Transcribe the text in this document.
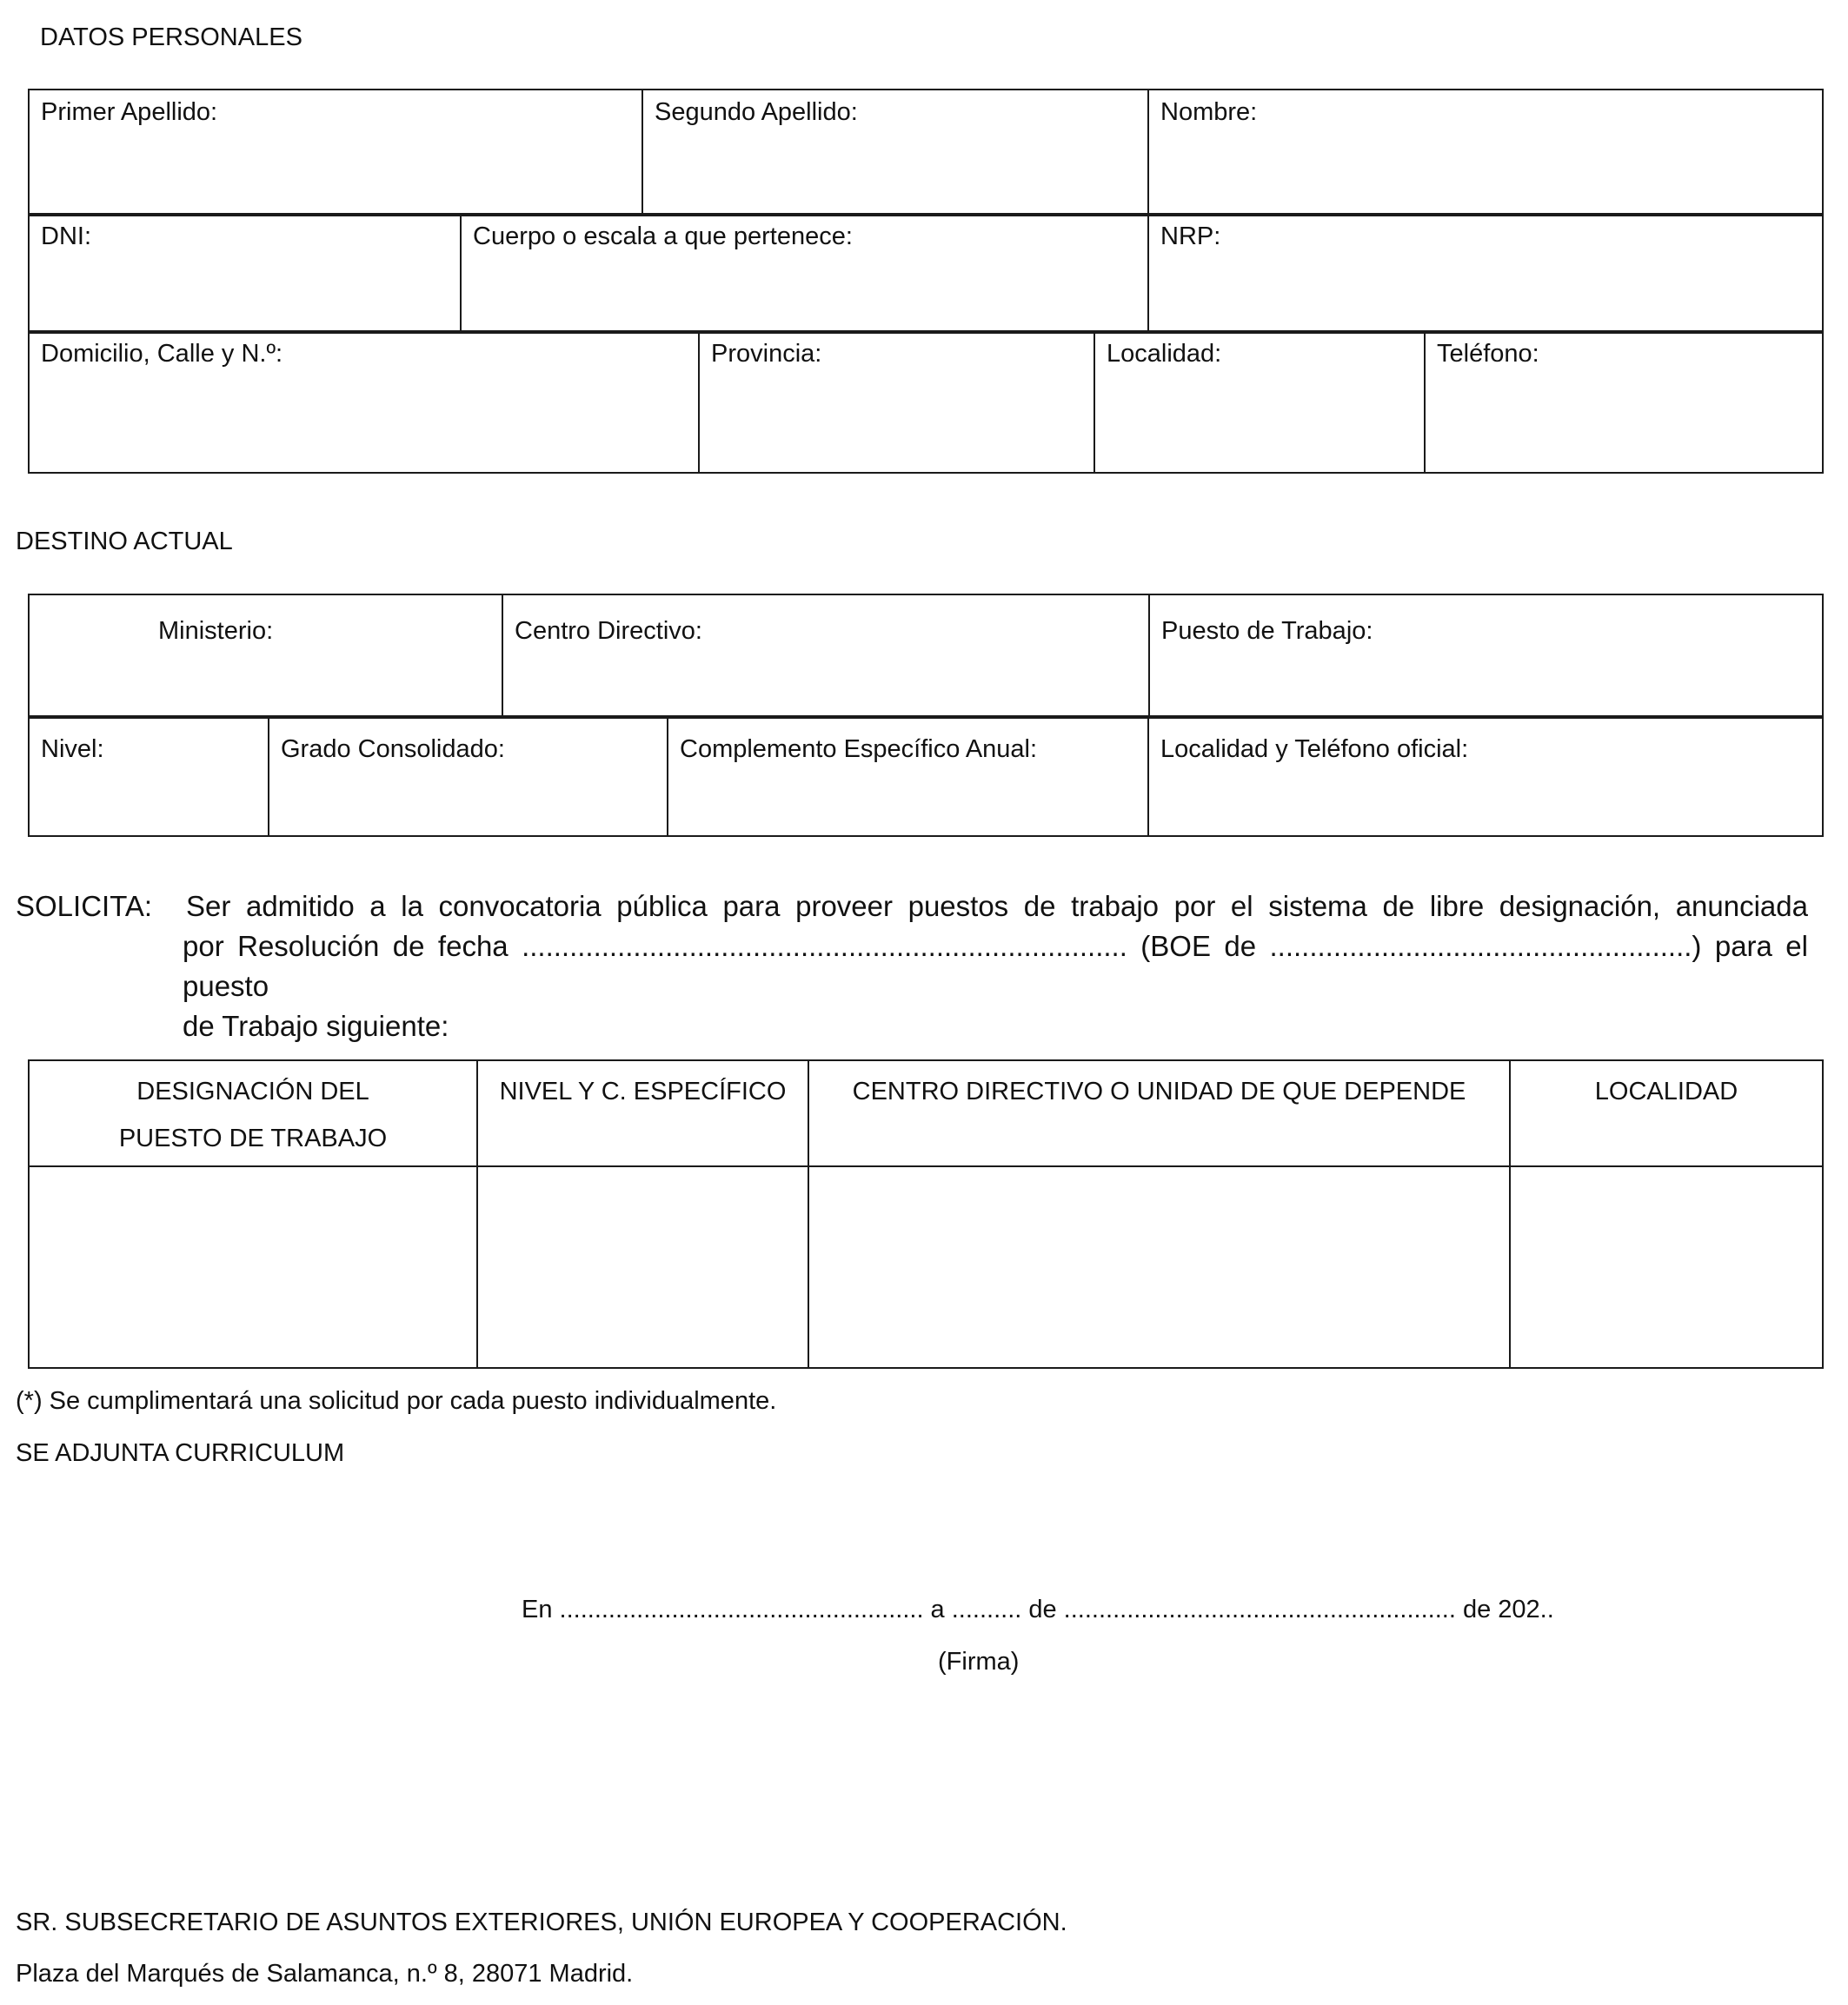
DATOS PERSONALES
Primer Apellido:	Segundo Apellido:	Nombre:
DNI:	Cuerpo o escala a que pertenece:	NRP:
Domicilio, Calle y N.º:	Provincia:	Localidad:	Teléfono:
DESTINO ACTUAL
Ministerio:	Centro Directivo:	Puesto de Trabajo:
Nivel:	Grado Consolidado:	Complemento Específico Anual:	Localidad y Teléfono oficial:
SOLICITA: Ser admitido a la convocatoria pública para proveer puestos de trabajo por el sistema de libre designación, anunciada
por Resolución de fecha ............................................................................ (BOE de .....................................................) para el puesto
de Trabajo siguiente:
DESIGNACIÓN DEL
PUESTO DE TRABAJO	NIVEL Y C. ESPECÍFICO	CENTRO DIRECTIVO O UNIDAD DE QUE DEPENDE	LOCALIDAD

(*) Se cumplimentará una solicitud por cada puesto individualmente.
SE ADJUNTA CURRICULUM
En .................................................... a .......... de ........................................................ de 202..
(Firma)
SR. SUBSECRETARIO DE ASUNTOS EXTERIORES, UNIÓN EUROPEA Y COOPERACIÓN.
Plaza del Marqués de Salamanca, n.º 8, 28071 Madrid.
